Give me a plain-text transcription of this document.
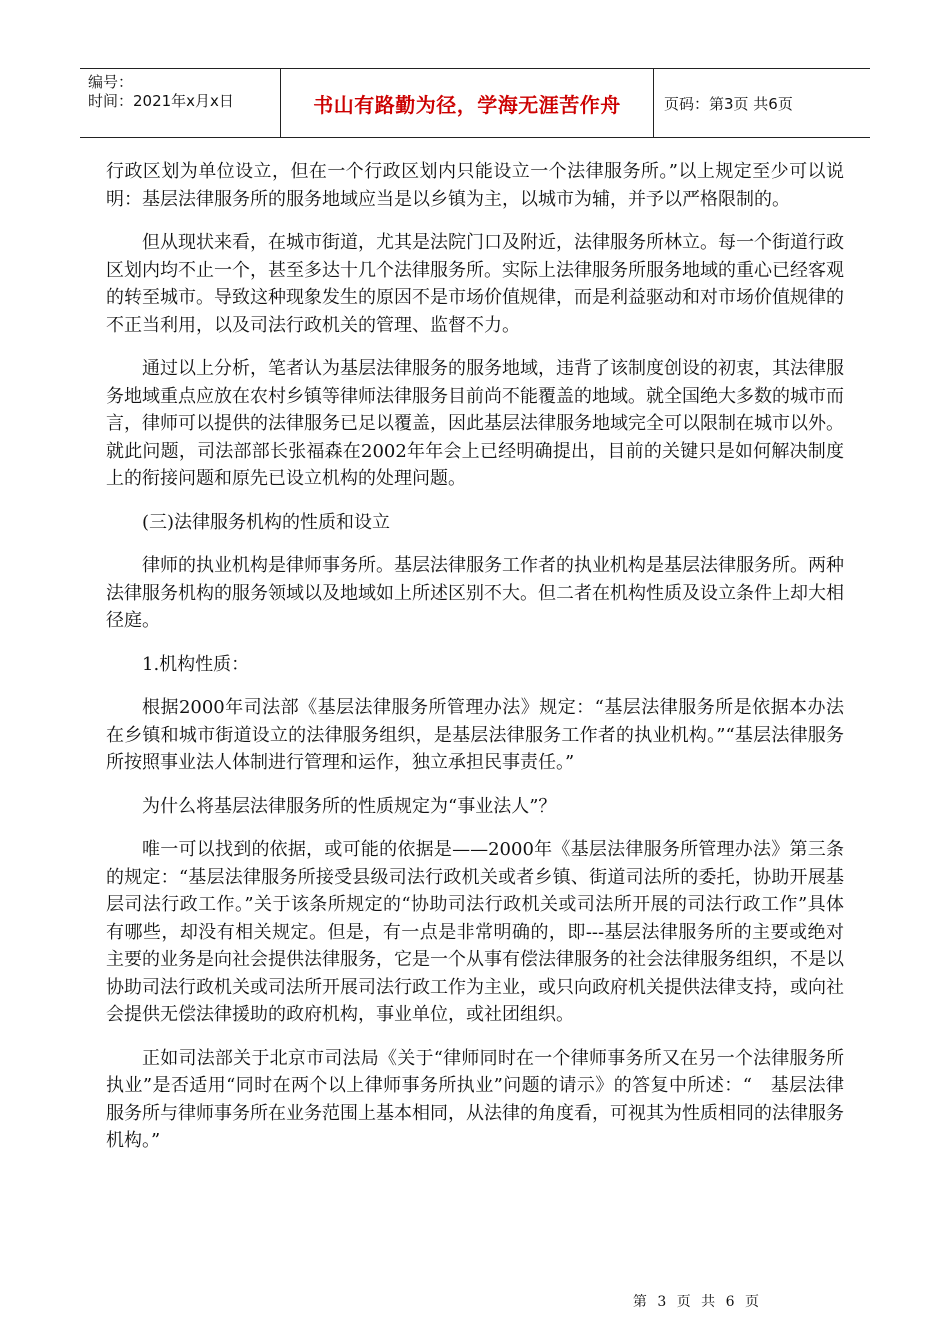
编号：
时间：2021年x月x日	书山有路勤为径，学海无涯苦作舟	页码：第3页 共6页

行政区划为单位设立，但在一个行政区划内只能设立一个法律服务所。”以上规定至少可以说明：基层法律服务所的服务地域应当是以乡镇为主，以城市为辅，并予以严格限制的。

但从现状来看，在城市街道，尤其是法院门口及附近，法律服务所林立。每一个街道行政区划内均不止一个，甚至多达十几个法律服务所。实际上法律服务所服务地域的重心已经客观的转至城市。导致这种现象发生的原因不是市场价值规律，而是利益驱动和对市场价值规律的不正当利用，以及司法行政机关的管理、监督不力。

通过以上分析，笔者认为基层法律服务的服务地域，违背了该制度创设的初衷，其法律服务地域重点应放在农村乡镇等律师法律服务目前尚不能覆盖的地域。就全国绝大多数的城市而言，律师可以提供的法律服务已足以覆盖，因此基层法律服务地域完全可以限制在城市以外。就此问题，司法部部长张福森在2002年年会上已经明确提出，目前的关键只是如何解决制度上的衔接问题和原先已设立机构的处理问题。

(三)法律服务机构的性质和设立

律师的执业机构是律师事务所。基层法律服务工作者的执业机构是基层法律服务所。两种法律服务机构的服务领域以及地域如上所述区别不大。但二者在机构性质及设立条件上却大相径庭。

1.机构性质：

根据2000年司法部《基层法律服务所管理办法》规定：“基层法律服务所是依据本办法在乡镇和城市街道设立的法律服务组织，是基层法律服务工作者的执业机构。”“基层法律服务所按照事业法人体制进行管理和运作，独立承担民事责任。”

为什么将基层法律服务所的性质规定为“事业法人”？

唯一可以找到的依据，或可能的依据是——2000年《基层法律服务所管理办法》第三条的规定：“基层法律服务所接受县级司法行政机关或者乡镇、街道司法所的委托，协助开展基层司法行政工作。”关于该条所规定的“协助司法行政机关或司法所开展的司法行政工作”具体有哪些，却没有相关规定。但是，有一点是非常明确的，即---基层法律服务所的主要或绝对主要的业务是向社会提供法律服务，它是一个从事有偿法律服务的社会法律服务组织，不是以协助司法行政机关或司法所开展司法行政工作为主业，或只向政府机关提供法律支持，或向社会提供无偿法律援助的政府机构，事业单位，或社团组织。

正如司法部关于北京市司法局《关于“律师同时在一个律师事务所又在另一个法律服务所执业”是否适用“同时在两个以上律师事务所执业”问题的请示》的答复中所述：“　基层法律服务所与律师事务所在业务范围上基本相同，从法律的角度看，可视其为性质相同的法律服务机构。”

第 3 页 共 6 页
